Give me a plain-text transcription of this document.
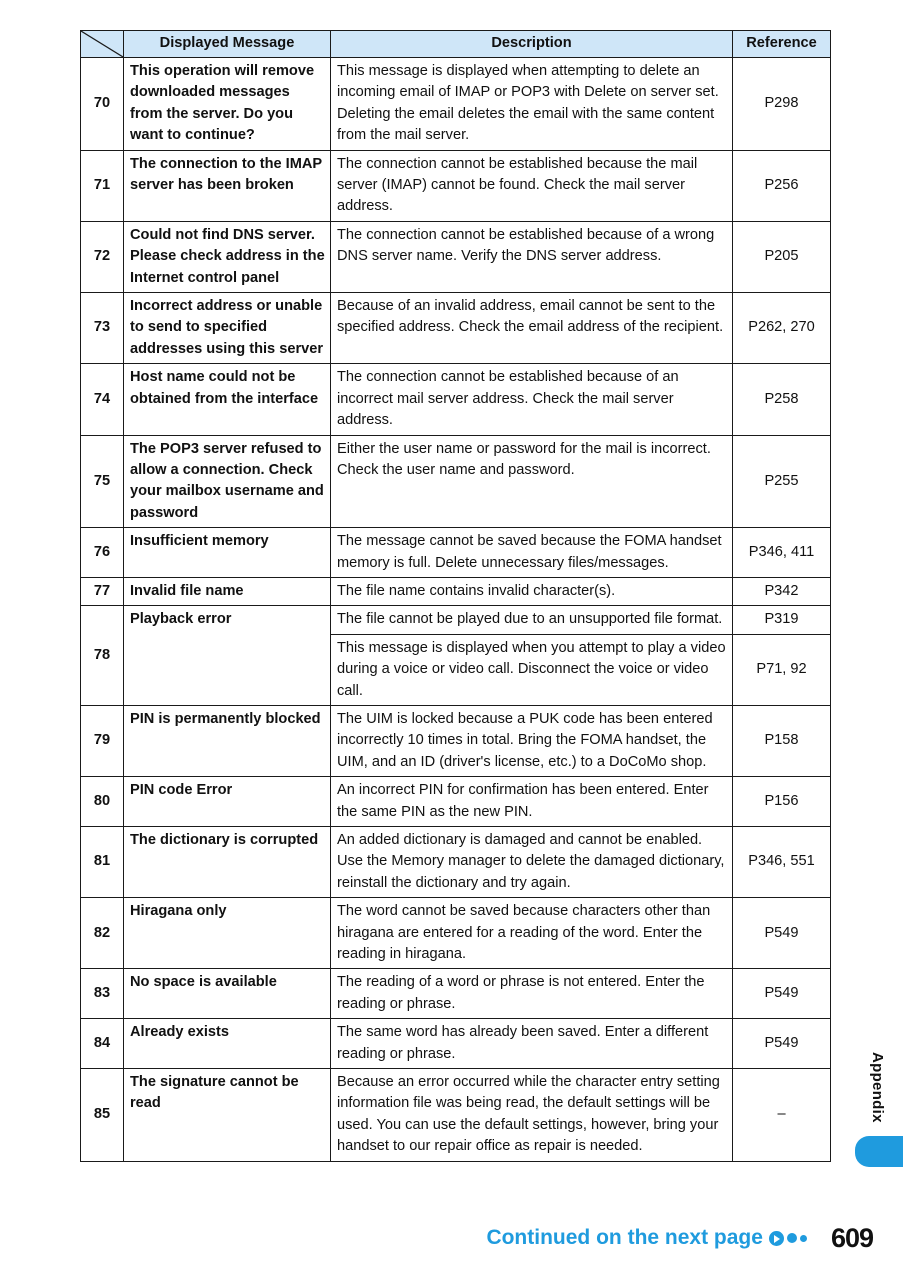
	Displayed Message	Description	Reference
70	This operation will remove downloaded messages from the server. Do you want to continue?	This message is displayed when attempting to delete an incoming email of IMAP or POP3 with Delete on server set. Deleting the email deletes the email with the same content from the mail server.	P298
71	The connection to the IMAP server has been broken	The connection cannot be established because the mail server (IMAP) cannot be found. Check the mail server address.	P256
72	Could not find DNS server. Please check address in the Internet control panel	The connection cannot be established because of a wrong DNS server name. Verify the DNS server address.	P205
73	Incorrect address or unable to send to specified addresses using this server	Because of an invalid address, email cannot be sent to the specified address. Check the email address of the recipient.	P262, 270
74	Host name could not be obtained from the interface	The connection cannot be established because of an incorrect mail server address. Check the mail server address.	P258
75	The POP3 server refused to allow a connection. Check your mailbox username and password	Either the user name or password for the mail is incorrect. Check the user name and password.	P255
76	Insufficient memory	The message cannot be saved because the FOMA handset memory is full. Delete unnecessary files/messages.	P346, 411
77	Invalid file name	The file name contains invalid character(s).	P342
78	Playback error	The file cannot be played due to an unsupported file format.	P319
		This message is displayed when you attempt to play a video during a voice or video call. Disconnect the voice or video call.	P71, 92
79	PIN is permanently blocked	The UIM is locked because a PUK code has been entered incorrectly 10 times in total. Bring the FOMA handset, the UIM, and an ID (driver's license, etc.) to a DoCoMo shop.	P158
80	PIN code Error	An incorrect PIN for confirmation has been entered. Enter the same PIN as the new PIN.	P156
81	The dictionary is corrupted	An added dictionary is damaged and cannot be enabled. Use the Memory manager to delete the damaged dictionary, reinstall the dictionary and try again.	P346, 551
82	Hiragana only	The word cannot be saved because characters other than hiragana are entered for a reading of the word. Enter the reading in hiragana.	P549
83	No space is available	The reading of a word or phrase is not entered. Enter the reading or phrase.	P549
84	Already exists	The same word has already been saved. Enter a different reading or phrase.	P549
85	The signature cannot be read	Because an error occurred while the character entry setting information file was being read, the default settings will be used. You can use the default settings, however, bring your handset to our repair office as repair is needed.	–	Appendix
Continued on the next page	609
